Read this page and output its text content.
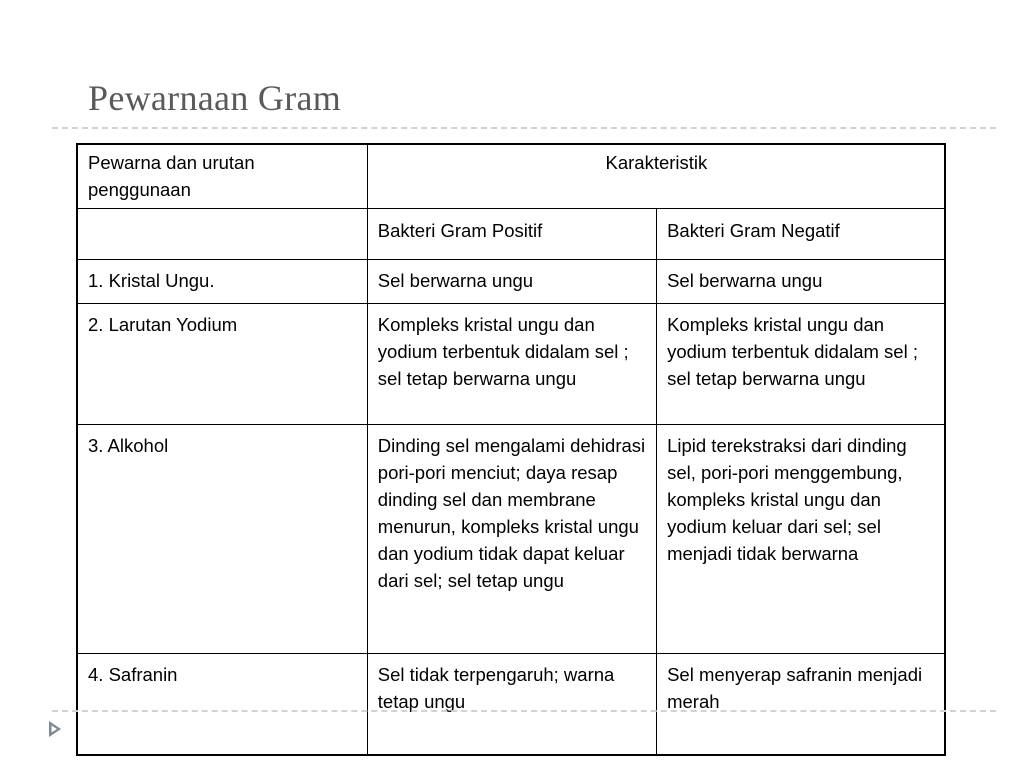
Pewarnaan Gram
Pewarna dan urutan penggunaan	Karakteristik	
	Bakteri Gram Positif	Bakteri Gram Negatif
1. Kristal Ungu.	Sel berwarna ungu	Sel berwarna ungu
2. Larutan Yodium	Kompleks kristal ungu dan yodium terbentuk didalam sel ; sel tetap berwarna ungu	Kompleks kristal ungu dan yodium terbentuk didalam sel ; sel tetap berwarna ungu
3. Alkohol	Dinding sel mengalami dehidrasi pori-pori menciut; daya resap dinding sel dan membrane menurun, kompleks kristal ungu dan yodium tidak dapat keluar dari sel; sel tetap ungu	Lipid terekstraksi dari dinding sel, pori-pori menggembung, kompleks kristal ungu dan yodium keluar dari sel; sel menjadi tidak berwarna
4. Safranin	Sel tidak terpengaruh; warna tetap ungu	Sel menyerap safranin menjadi merah
